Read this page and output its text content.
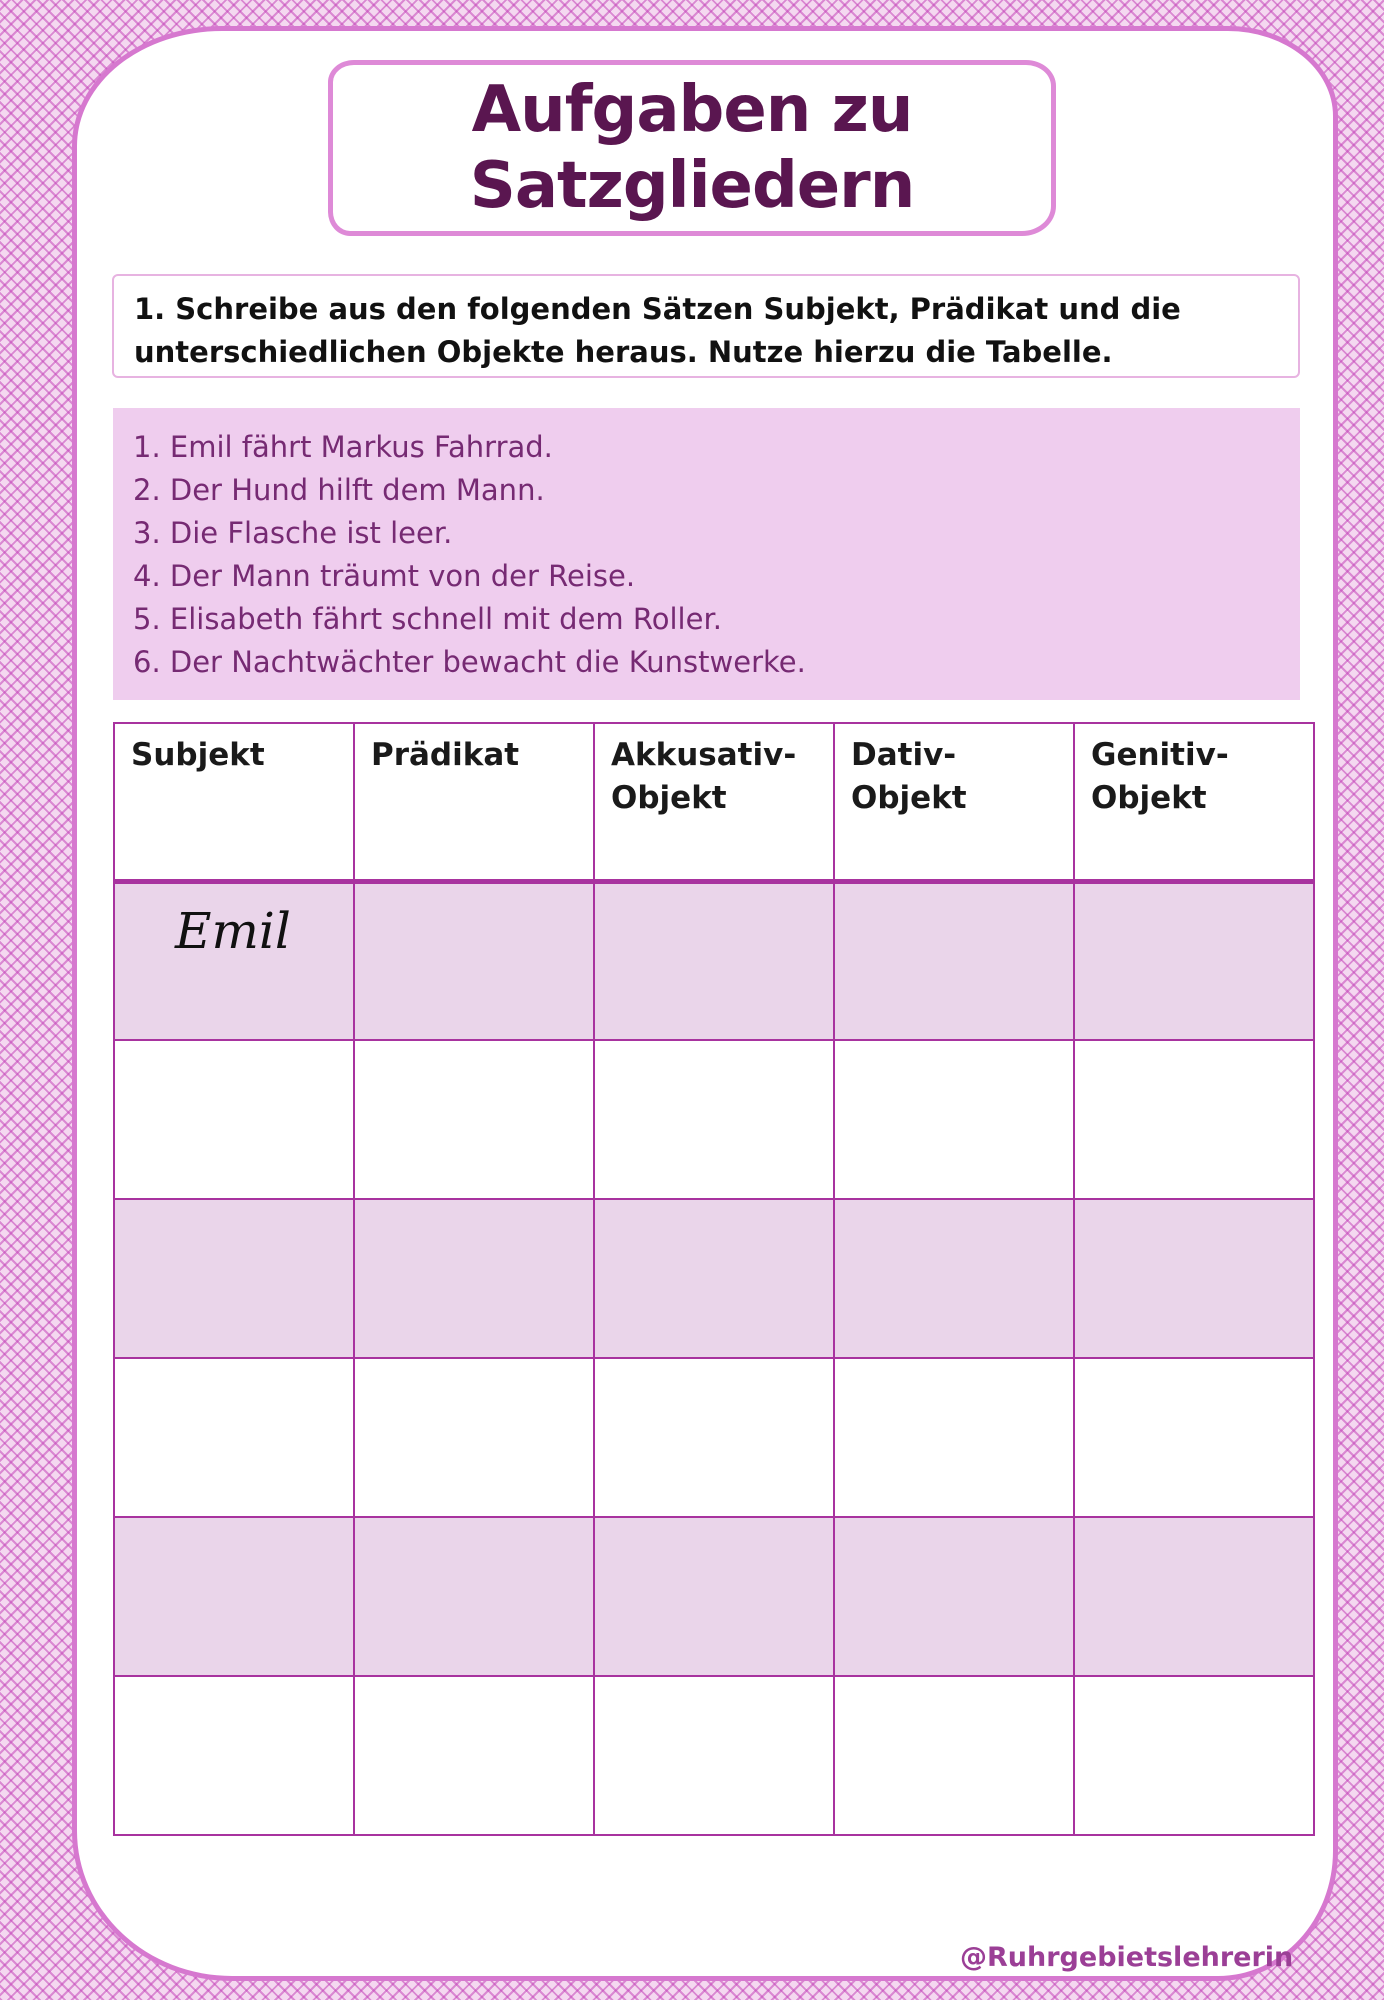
Aufgaben zu Satzgliedern

1. Schreibe aus den folgenden Sätzen Subjekt, Prädikat und die unterschiedlichen Objekte heraus. Nutze hierzu die Tabelle.

1. Emil fährt Markus Fahrrad.
2. Der Hund hilft dem Mann.
3. Die Flasche ist leer.
4. Der Mann träumt von der Reise.
5. Elisabeth fährt schnell mit dem Roller.
6. Der Nachtwächter bewacht die Kunstwerke.
Subjekt	Prädikat	Akkusativ-Objekt	Dativ-Objekt	Genitiv-Objekt

Emil				

@Ruhrgebietslehrerin
